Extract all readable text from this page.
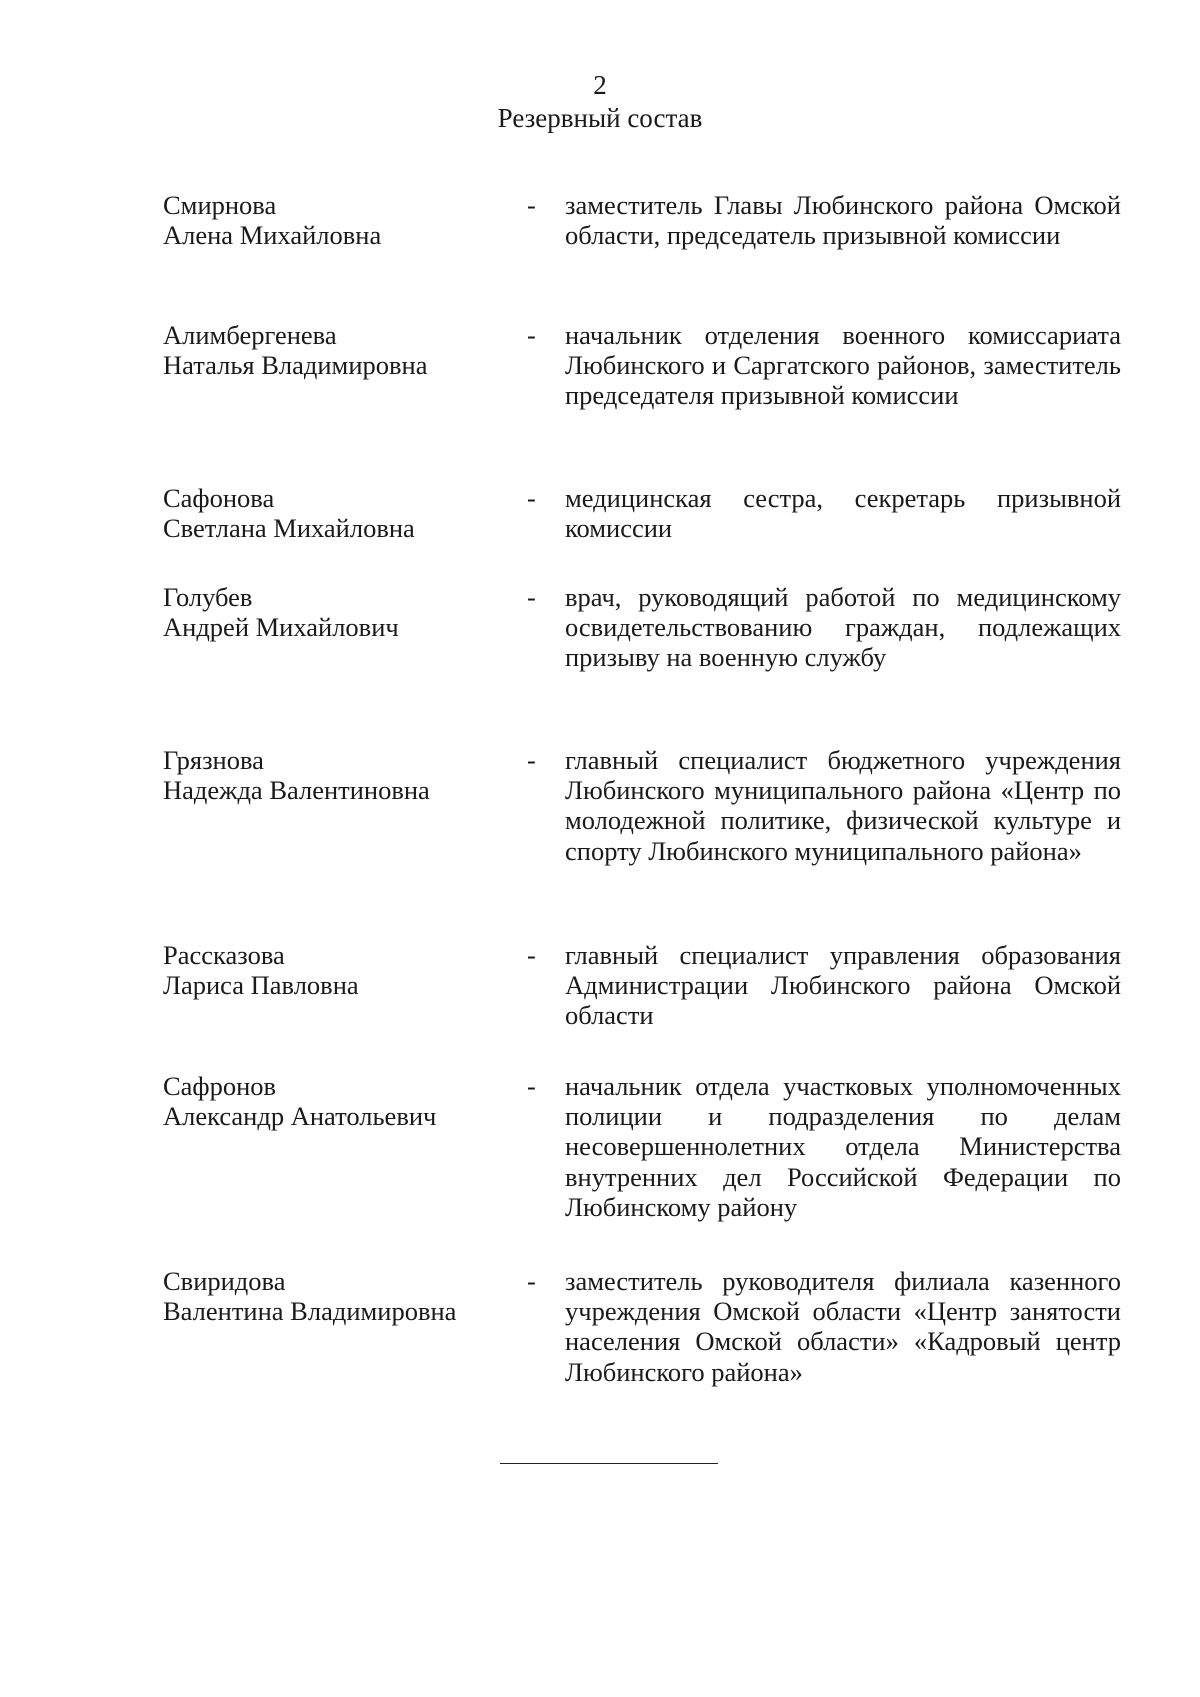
2
Резервный состав
Смирнова
Алена Михайловна
- заместитель Главы Любинского района Омской области, председатель призывной комиссии
Алимбергенева
Наталья Владимировна
- начальник отделения военного комиссариата Любинского и Саргатского районов, заместитель председателя призывной комиссии
Сафонова
Светлана Михайловна
- медицинская сестра, секретарь призывной комиссии
Голубев
Андрей Михайлович
- врач, руководящий работой по медицинскому освидетельствованию граждан, подлежащих призыву на военную службу
Грязнова
Надежда Валентиновна
- главный специалист бюджетного учреждения Любинского муниципального района «Центр по молодежной политике, физической культуре и спорту Любинского муниципального района»
Рассказова
Лариса Павловна
- главный специалист управления образования Администрации Любинского района Омской области
Сафронов
Александр Анатольевич
- начальник отдела участковых уполномоченных полиции и подразделения по делам несовершеннолетних отдела Министерства внутренних дел Российской Федерации по Любинскому району
Свиридова
Валентина Владимировна
- заместитель руководителя филиала казенного учреждения Омской области «Центр занятости населения Омской области» «Кадровый центр Любинского района»
